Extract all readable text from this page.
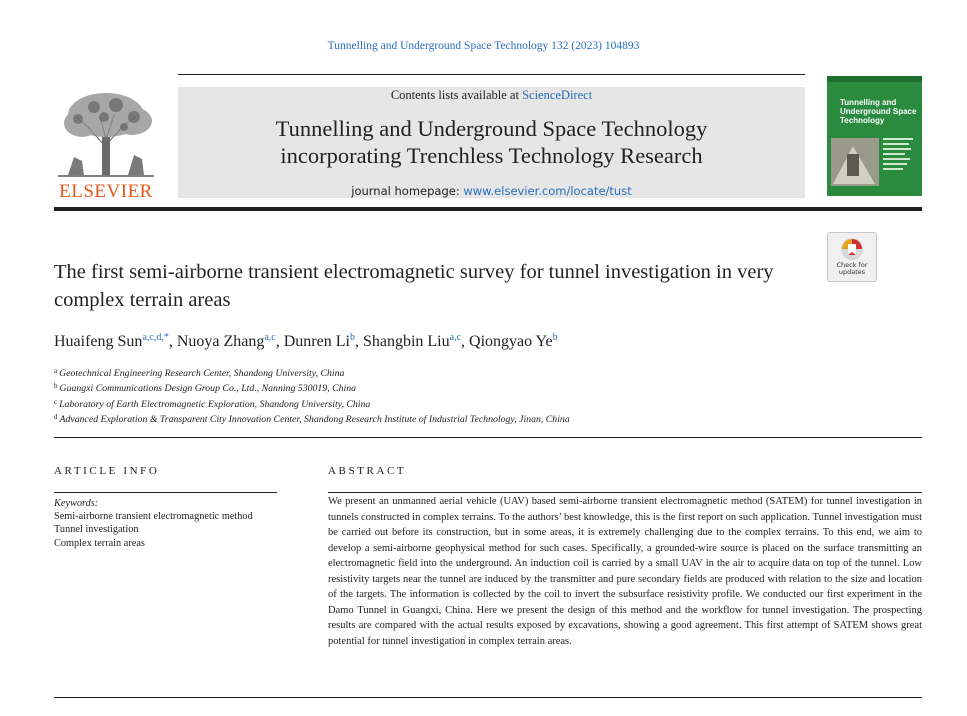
Tunnelling and Underground Space Technology 132 (2023) 104893
ELSEVIER
Contents lists available at ScienceDirect
Tunnelling and Underground Space Technology
incorporating Trenchless Technology Research
journal homepage: www.elsevier.com/locate/tust
Tunnelling and Underground Space Technology
Check for
updates
The first semi-airborne transient electromagnetic survey for tunnel investigation in very complex terrain areas
Huaifeng Sun$^{a,c,d,*}$, Nuoya Zhang$^{a,c}$, Dunren Li$^b$, Shangbin Liu$^{a,c}$, Qiongyao Ye$^b$
$^a$ Geotechnical Engineering Research Center, Shandong University, China
$^b$ Guangxi Communications Design Group Co., Ltd., Nanning 530019, China
$^c$ Laboratory of Earth Electromagnetic Exploration, Shandong University, China
$^d$ Advanced Exploration & Transparent City Innovation Center, Shandong Research Institute of Industrial Technology, Jinan, China
ARTICLE INFO
Keywords:
Semi-airborne transient electromagnetic method
Tunnel investigation
Complex terrain areas
ABSTRACT
We present an unmanned aerial vehicle (UAV) based semi-airborne transient electromagnetic method (SATEM) for tunnel investigation in tunnels constructed in complex terrains. To the authors’ best knowledge, this is the first report on such application. Tunnel investigation must be carried out before its construction, but in some areas, it is extremely challenging due to the complex terrains. To this end, we aim to develop a semi-airborne geophysical method for such cases. Specifically, a grounded-wire source is placed on the surface transmitting an electromagnetic field into the underground. An induction coil is carried by a small UAV in the air to acquire data on top of the tunnel. Low resistivity targets near the tunnel are induced by the transmitter and pure secondary fields are produced with relation to the size and location of the targets. The information is collected by the coil to invert the subsurface resistivity profile. We conducted our first experiment in the Damo Tunnel in Guangxi, China. Here we present the design of this method and the workflow for tunnel investigation. The prospecting results are compared with the actual results exposed by excavations, showing a good agreement. This first attempt of SATEM shows great potential for tunnel investigation in complex terrain areas.
